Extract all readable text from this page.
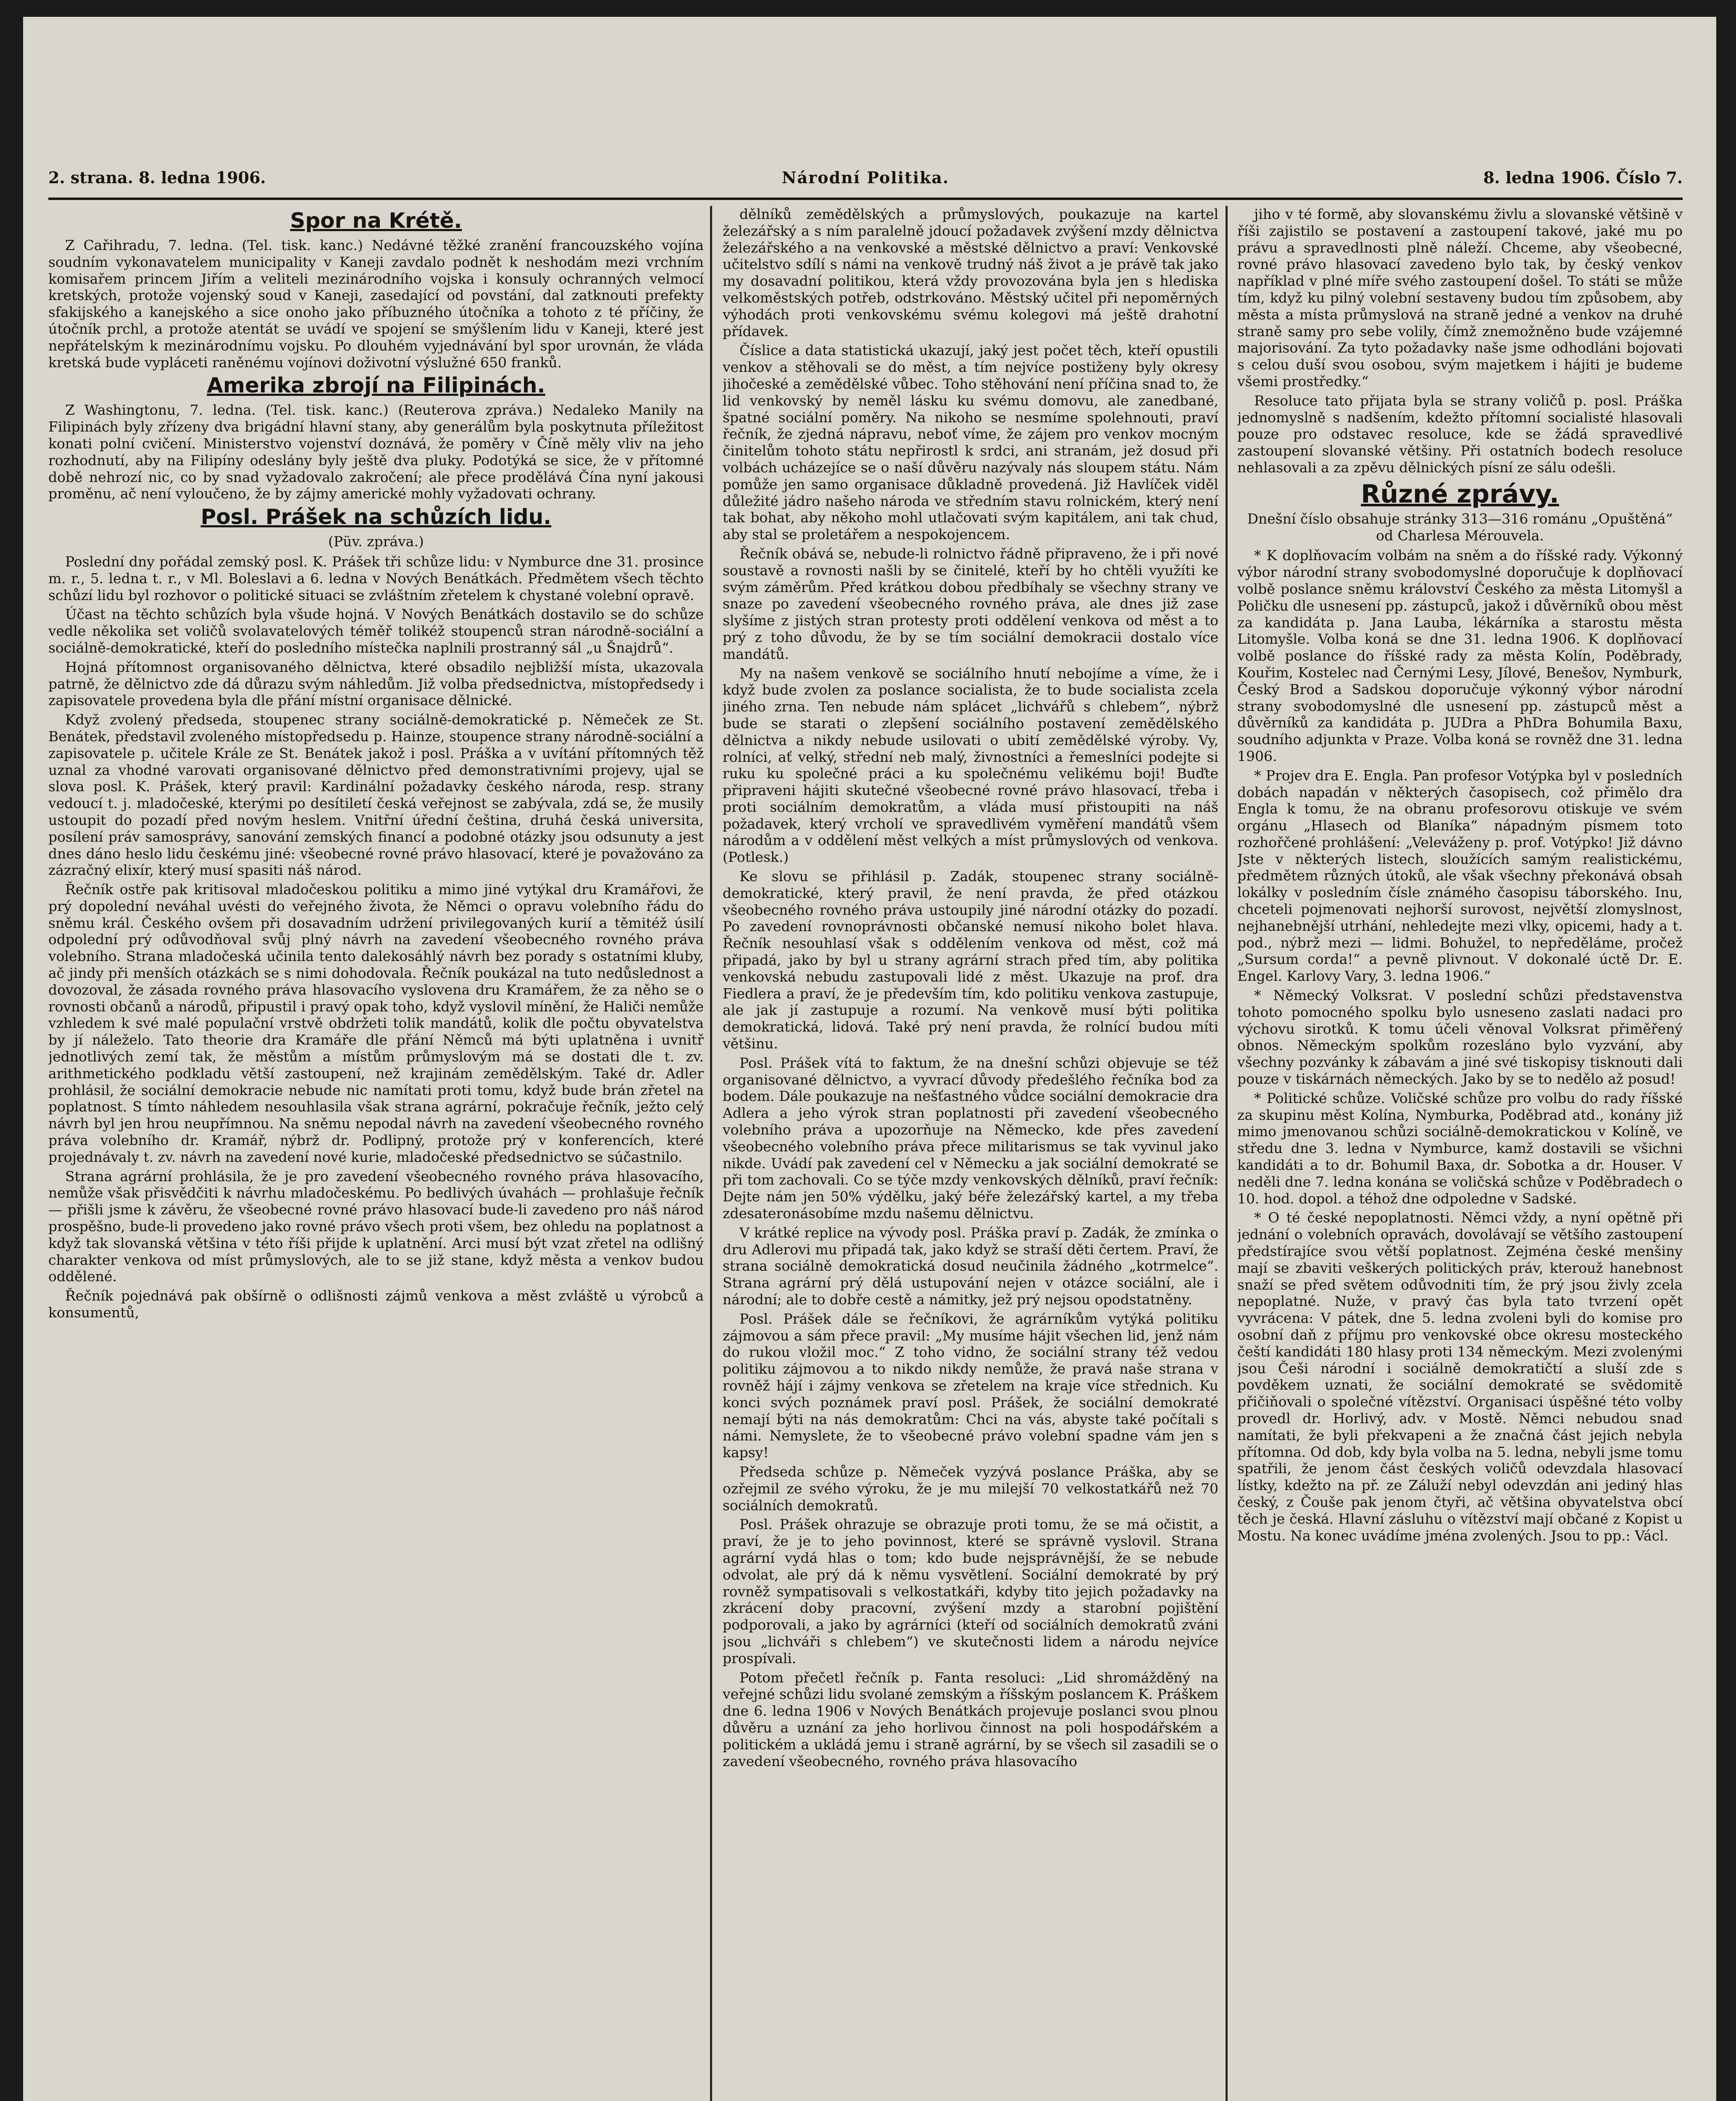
2. strana. 8. ledna 1906.	Národní Politika.	8. ledna 1906. Číslo 7.
Spor na Krétě.

Z Cařihradu, 7. ledna. (Tel. tisk. kanc.) Nedávné těžké zranění francouzského vojína soudním vykonavatelem municipality v Kaneji zavdalo podnět k neshodám mezi vrchním komisařem princem Jiřím a veliteli mezinárodního vojska i konsuly ochranných velmocí kretských, protože vojenský soud v Kaneji, zasedající od povstání, dal zatknouti prefekty sfakijského a kanejského a sice onoho jako příbuzného útočníka a tohoto z té příčiny, že útočník prchl, a protože atentát se uvádí ve spojení se smýšlením lidu v Kaneji, které jest nepřátelským k mezinárodnímu vojsku. Po dlouhém vyjednávání byl spor urovnán, že vláda kretská bude vypláceti raněnému vojínovi doživotní výslužné 650 franků.

Amerika zbrojí na Filipinách.

Z Washingtonu, 7. ledna. (Tel. tisk. kanc.) (Reuterova zpráva.) Nedaleko Manily na Filipinách byly zřízeny dva brigádní hlavní stany, aby generálům byla poskytnuta příležitost konati polní cvičení. Ministerstvo vojenství doznává, že poměry v Číně měly vliv na jeho rozhodnutí, aby na Filipíny odeslány byly ještě dva pluky. Podotýká se sice, že v přítomné době nehrozí nic, co by snad vyžadovalo zakročení; ale přece prodělává Čína nyní jakousi proměnu, ač není vyloučeno, že by zájmy americké mohly vyžadovati ochrany.

Posl. Prášek na schůzích lidu.

(Püv. zpráva.)

Poslední dny pořádal zemský posl. K. Prášek tři schůze lidu: v Nymburce dne 31. prosince m. r., 5. ledna t. r., v Ml. Boleslavi a 6. ledna v Nových Benátkách. Předmětem všech těchto schůzí lidu byl rozhovor o politické situaci se zvláštním zřetelem k chystané volební opravě.

Účast na těchto schůzích byla všude hojná. V Nových Benátkách dostavilo se do schůze vedle několika set voličů svolavatelových téměř tolikéž stoupenců stran národně-sociální a sociálně-demokratické, kteří do posledního místečka naplnili prostranný sál „u Šnajdrů“.

Hojná přítomnost organisovaného dělnictva, které obsadilo nejbližší místa, ukazovala patrně, že dělnictvo zde dá důrazu svým náhledům. Již volba předsednictva, místopředsedy i zapisovatele provedena byla dle přání místní organisace dělnické.

Když zvolený předseda, stoupenec strany sociálně-demokratické p. Němeček ze St. Benátek, představil zvoleného místopředsedu p. Hainze, stoupence strany národně-sociální a zapisovatele p. učitele Krále ze St. Benátek jakož i posl. Práška a v uvítání přítomných těž uznal za vhodné varovati organisované dělnictvo před demonstrativními projevy, ujal se slova posl. K. Prášek, který pravil: Kardinální požadavky českého národa, resp. strany vedoucí t. j. mladočeské, kterými po desítiletí česká veřejnost se zabývala, zdá se, že musily ustoupit do pozadí před novým heslem. Vnitřní úřední čeština, druhá česká universita, posílení práv samosprávy, sanování zemských financí a podobné otázky jsou odsunuty a jest dnes dáno heslo lidu českému jiné: všeobecné rovné právo hlasovací, které je považováno za zázračný elixír, který musí spasiti náš národ.

Řečník ostře pak kritisoval mladočeskou politiku a mimo jiné vytýkal dru Kramářovi, že prý dopolední neváhal uvésti do veřejného života, že Němci o opravu volebního řádu do sněmu král. Českého ovšem při dosavadním udržení privilegovaných kurií a těmitéž úsilí odpolední prý odůvodňoval svůj plný návrh na zavedení všeobecného rovného práva volebního. Strana mladočeská učinila tento dalekosáhlý návrh bez porady s ostatními kluby, ač jindy při menších otázkách se s nimi dohodovala. Řečník poukázal na tuto nedůslednost a dovozoval, že zásada rovného práva hlasovacího vyslovena dru Kramářem, že za něho se o rovnosti občanů a národů, připustil i pravý opak toho, když vyslovil mínění, že Haliči nemůže vzhledem k své malé populační vrstvě obdržeti tolik mandátů, kolik dle počtu obyvatelstva by jí náleželo. Tato theorie dra Kramáře dle přání Němců má býti uplatněna i uvnitř jednotlivých zemí tak, že městům a místům průmyslovým má se dostati dle t. zv. arithmetického podkladu větší zastoupení, než krajinám zemědělským. Také dr. Adler prohlásil, že sociální demokracie nebude nic namítati proti tomu, když bude brán zřetel na poplatnost. S tímto náhledem nesouhlasila však strana agrární, pokračuje řečník, ježto celý návrh byl jen hrou neupřímnou. Na sněmu nepodal návrh na zavedení všeobecného rovného práva volebního dr. Kramář, nýbrž dr. Podlipný, protože prý v konferencích, které projednávaly t. zv. návrh na zavedení nové kurie, mladočeské předsednictvo se súčastnilo.

Strana agrární prohlásila, že je pro zavedení všeobecného rovného práva hlasovacího, nemůže však přisvědčiti k návrhu mladočeskému. Po bedlivých úvahách — prohlašuje řečník — přišli jsme k závěru, že všeobecné rovné právo hlasovací bude-li zavedeno pro náš národ prospěšno, bude-li provedeno jako rovné právo všech proti všem, bez ohledu na poplatnost a když tak slovanská většina v této říši přijde k uplatnění. Arci musí být vzat zřetel na odlišný charakter venkova od míst průmyslových, ale to se již stane, když města a venkov budou oddělené.

Řečník pojednává pak obšírně o odlišnosti zájmů venkova a měst zvláště u výrobců a konsumentů,

dělníků zemědělských a průmyslových, poukazuje na kartel železářský a s ním paralelně jdoucí požadavek zvýšení mzdy dělnictva železářského a na venkovské a městské dělnictvo a praví: Venkovské učitelstvo sdílí s námi na venkově trudný náš život a je právě tak jako my dosavadní politikou, která vždy provozována byla jen s hlediska velkoměstských potřeb, odstrkováno. Městský učitel při nepoměrných výhodách proti venkovskému svému kolegovi má ještě drahotní přídavek.

Číslice a data statistická ukazují, jaký jest počet těch, kteří opustili venkov a stěhovali se do měst, a tím nejvíce postiženy byly okresy jihočeské a zemědělské vůbec. Toho stěhování není příčina snad to, že lid venkovský by neměl lásku ku svému domovu, ale zanedbané, špatné sociální poměry. Na nikoho se nesmíme spolehnouti, praví řečník, že zjedná nápravu, neboť víme, že zájem pro venkov mocným činitelům tohoto státu nepřirostl k srdci, ani stranám, jež dosud při volbách ucházejíce se o naší důvěru nazývaly nás sloupem státu. Nám pomůže jen samo organisace důkladně provedená. Již Havlíček viděl důležité jádro našeho národa ve středním stavu rolnickém, který není tak bohat, aby někoho mohl utlačovati svým kapitálem, ani tak chud, aby stal se proletářem a nespokojencem.

Řečník obává se, nebude-li rolnictvo řádně připraveno, že i při nové soustavě a rovnosti našli by se činitelé, kteří by ho chtěli využíti ke svým záměrům. Před krátkou dobou předbíhaly se všechny strany ve snaze po zavedení všeobecného rovného práva, ale dnes již zase slyšíme z jistých stran protesty proti oddělení venkova od měst a to prý z toho důvodu, že by se tím sociální demokracii dostalo více mandátů.

My na našem venkově se sociálního hnutí nebojíme a víme, že i když bude zvolen za poslance socialista, že to bude socialista zcela jiného zrna. Ten nebude nám splácet „lichvářů s chlebem“, nýbrž bude se starati o zlepšení sociálního postavení zemědělského dělnictva a nikdy nebude usilovati o ubití zemědělské výroby. Vy, rolníci, ať velký, střední neb malý, živnostníci a řemeslníci podejte si ruku ku společné práci a ku společnému velikému boji! Buďte připraveni hájiti skutečné všeobecné rovné právo hlasovací, třeba i proti sociálním demokratům, a vláda musí přistoupiti na náš požadavek, který vrcholí ve spravedlivém vyměření mandátů všem národům a v oddělení měst velkých a míst průmyslových od venkova. (Potlesk.)

Ke slovu se přihlásil p. Zadák, stoupenec strany sociálně-demokratické, který pravil, že není pravda, že před otázkou všeobecného rovného práva ustoupily jiné národní otázky do pozadí. Po zavedení rovnoprávnosti občanské nemusí nikoho bolet hlava. Řečník nesouhlasí však s oddělením venkova od měst, což má připadá, jako by byl u strany agrární strach před tím, aby politika venkovská nebudu zastupovali lidé z měst. Ukazuje na prof. dra Fiedlera a praví, že je především tím, kdo politiku venkova zastupuje, ale jak jí zastupuje a rozumí. Na venkově musí býti politika demokratická, lidová. Také prý není pravda, že rolnící budou míti většinu.

Posl. Prášek vítá to faktum, že na dnešní schůzi objevuje se též organisované dělnictvo, a vyvrací důvody předešlého řečníka bod za bodem. Dále poukazuje na nešťastného vůdce sociální demokracie dra Adlera a jeho výrok stran poplatnosti při zavedení všeobecného volebního práva a upozorňuje na Německo, kde přes zavedení všeobecného volebního práva přece militarismus se tak vyvinul jako nikde. Uvádí pak zavedení cel v Německu a jak sociální demokraté se při tom zachovali. Co se týče mzdy venkovských dělníků, praví řečník: Dejte nám jen 50% výdělku, jaký béře železářský kartel, a my třeba zdesateronásobíme mzdu našemu dělnictvu.

V krátké replice na vývody posl. Práška praví p. Zadák, že zmínka o dru Adlerovi mu připadá tak, jako když se straší děti čertem. Praví, že strana sociálně demokratická dosud neučinila žádného „kotrmelce“. Strana agrární prý dělá ustupování nejen v otázce sociální, ale i národní; ale to dobře cestě a námitky, jež prý nejsou opodstatněny.

Posl. Prášek dále se řečníkovi, že agrárníkům vytýká politiku zájmovou a sám přece pravil: „My musíme hájit všechen lid, jenž nám do rukou vložil moc.“ Z toho vidno, že sociální strany též vedou politiku zájmovou a to nikdo nikdy nemůže, že pravá naše strana v rovněž hájí i zájmy venkova se zřetelem na kraje více střednich. Ku konci svých poznámek praví posl. Prášek, že sociální demokraté nemají býti na nás demokratům: Chci na vás, abyste také počítali s námi. Nemyslete, že to všeobecné právo volební spadne vám jen s kapsy!

Předseda schůze p. Němeček vyzývá poslance Práška, aby se ozřejmil ze svého výroku, že je mu milejší 70 velkostatkářů než 70 sociálních demokratů.

Posl. Prášek ohrazuje se obrazuje proti tomu, že se má očistit, a praví, že je to jeho povinnost, které se správně vyslovil. Strana agrární vydá hlas o tom; kdo bude nejsprávnější, že se nebude odvolat, ale prý dá k němu vysvětlení. Sociální demokraté by prý rovněž sympatisovali s velkostatkáři, kdyby tito jejich požadavky na zkrácení doby pracovní, zvýšení mzdy a starobní pojištění podporovali, a jako by agrárníci (kteří od sociálních demokratů zváni jsou „lichváři s chlebem“) ve skutečnosti lidem a národu nejvíce prospívali.

Potom přečetl řečník p. Fanta resoluci: „Lid shromážděný na veřejné schůzi lidu svolané zemským a říšským poslancem K. Práškem dne 6. ledna 1906 v Nových Benátkách projevuje poslanci svou plnou důvěru a uznání za jeho horlivou činnost na poli hospodářském a politickém a ukládá jemu i straně agrární, by se všech sil zasadili se o zavedení všeobecného, rovného práva hlasovacího

jiho v té formě, aby slovanskému živlu a slovanské většině v říši zajistilo se postavení a zastoupení takové, jaké mu po právu a spravedlnosti plně náleží. Chceme, aby všeobecné, rovné právo hlasovací zavedeno bylo tak, by český venkov například v plné míře svého zastoupení došel. To státi se může tím, když ku pilný volební sestaveny budou tím způsobem, aby města a místa průmyslová na straně jedné a venkov na druhé straně samy pro sebe volily, čímž znemožněno bude vzájemné majorisování. Za tyto požadavky naše jsme odhodláni bojovati s celou duší svou osobou, svým majetkem i hájiti je budeme všemi prostředky.“

Resoluce tato přijata byla se strany voličů p. posl. Práška jednomyslně s nadšením, kdežto přítomní socialisté hlasovali pouze pro odstavec resoluce, kde se žádá spravedlivé zastoupení slovanské většiny. Při ostatních bodech resoluce nehlasovali a za zpěvu dělnických písní ze sálu odešli.

Různé zprávy.

Dnešní číslo obsahuje stránky 313—316 románu „Opuštěná“ od Charlesa Mérouvela.

* K doplňovacím volbám na sněm a do říšské rady. Výkonný výbor národní strany svobodomyslné doporučuje k doplňovací volbě poslance sněmu království Českého za města Litomyšl a Poličku dle usnesení pp. zástupců, jakož i důvěrníků obou měst za kandidáta p. Jana Lauba, lékárníka a starostu města Litomyšle. Volba koná se dne 31. ledna 1906. K doplňovací volbě poslance do říšské rady za města Kolín, Poděbrady, Kouřim, Kostelec nad Černými Lesy, Jílové, Benešov, Nymburk, Český Brod a Sadskou doporučuje výkonný výbor národní strany svobodomyslné dle usnesení pp. zástupců měst a důvěrníků za kandidáta p. JUDra a PhDra Bohumila Baxu, soudního adjunkta v Praze. Volba koná se rovněž dne 31. ledna 1906.

* Projev dra E. Engla. Pan profesor Votýpka byl v posledních dobách napadán v některých časopisech, což přimělo dra Engla k tomu, že na obranu profesorovu otiskuje ve svém orgánu „Hlasech od Blaníka“ nápadným písmem toto rozhořčené prohlášení: „Veleváženy p. prof. Votýpko! Již dávno Jste v některých listech, sloužících samým realistickému, předmětem různých útoků, ale však všechny překonává obsah lokálky v posledním čísle známého časopisu táborského. Inu, chceteli pojmenovati nejhorší surovost, největší zlomyslnost, nejhanebnější utrhání, nehledejte mezi vlky, opicemi, hady a t. pod., nýbrž mezi — lidmi. Bohužel, to nepředěláme, pročež „Sursum corda!“ a pevně plivnout. V dokonalé úctě Dr. E. Engel. Karlovy Vary, 3. ledna 1906.“

* Německý Volksrat. V poslední schůzi představenstva tohoto pomocného spolku bylo usneseno zaslati nadaci pro výchovu sirotků. K tomu účeli věnoval Volksrat přiměřený obnos. Německým spolkům rozesláno bylo vyzvání, aby všechny pozvánky k zábavám a jiné své tiskopisy tisknouti dali pouze v tiskárnách německých. Jako by se to nedělo až posud!

* Politické schůze. Voličské schůze pro volbu do rady říšské za skupinu měst Kolína, Nymburka, Poděbrad atd., konány již mimo jmenovanou schůzi sociálně-demokratickou v Kolíně, ve středu dne 3. ledna v Nymburce, kamž dostavili se všichni kandidáti a to dr. Bohumil Baxa, dr. Sobotka a dr. Houser. V neděli dne 7. ledna konána se voličská schůze v Poděbradech o 10. hod. dopol. a téhož dne odpoledne v Sadské.

* O té české nepoplatnosti. Němci vždy, a nyní opětně při jednání o volebních opravách, dovolávají se většího zastoupení předstírajíce svou větší poplatnost. Zejména české menšiny mají se zbaviti veškerých politických práv, kterouž hanebnost snaží se před světem odůvodniti tím, že prý jsou živly zcela nepoplatné. Nuže, v pravý čas byla tato tvrzení opět vyvrácena: V pátek, dne 5. ledna zvoleni byli do komise pro osobní daň z příjmu pro venkovské obce okresu mosteckého čeští kandidáti 180 hlasy proti 134 německým. Mezi zvolenými jsou Češi národní i sociálně demokratičtí a sluší zde s povděkem uznati, že sociální demokraté se svědomitě přičiňovali o společné vítězství. Organisaci úspěšné této volby provedl dr. Horlivý, adv. v Mostě. Němci nebudou snad namítati, že byli překvapeni a že značná část jejich nebyla přítomna. Od dob, kdy byla volba na 5. ledna, nebyli jsme tomu spatřili, že jenom část českých voličů odevzdala hlasovací lístky, kdežto na př. ze Záluží nebyl odevzdán ani jediný hlas český, z Čouše pak jenom čtyři, ač většina obyvatelstva obcí těch je česká. Hlavní zásluhu o vítězství mají občané z Kopist u Mostu. Na konec uvádíme jména zvolených. Jsou to pp.: Václ.
